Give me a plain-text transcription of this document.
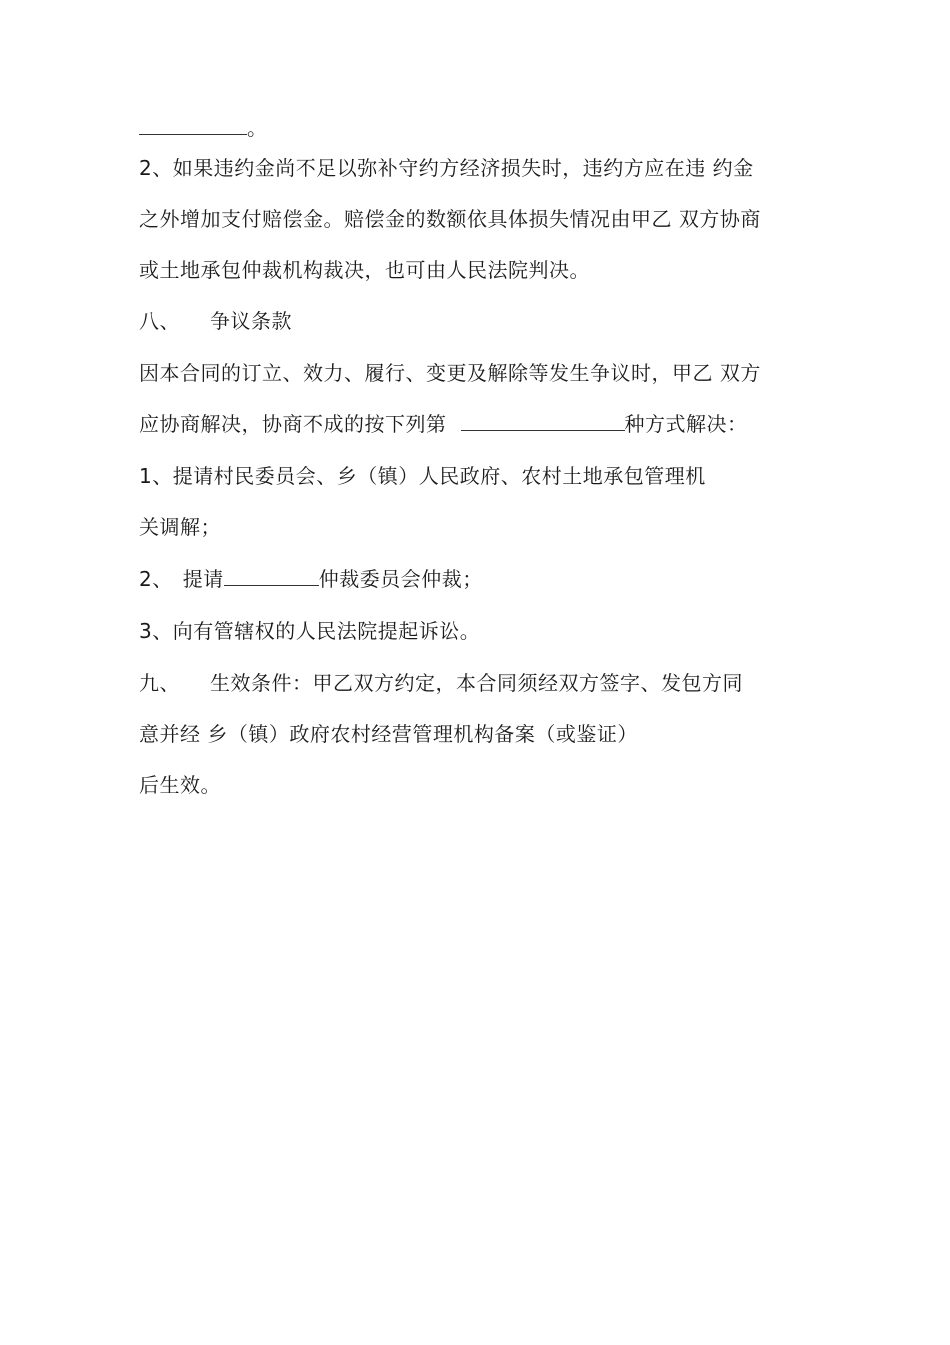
。
2、如果违约金尚不足以弥补守约方经济损失时，违约方应在违 约金
之外增加支付赔偿金。赔偿金的数额依具体损失情况由甲乙 双方协商
或土地承包仲裁机构裁决，也可由人民法院判决。
八、 争议条款
因本合同的订立、效力、履行、变更及解除等发生争议时，甲乙 双方
应协商解决，协商不成的按下列第	种方式解决：
1、提请村民委员会、乡（镇）人民政府、农村土地承包管理机
关调解；
2、 提请	仲裁委员会仲裁；
3、向有管辖权的人民法院提起诉讼。
九、 生效条件：甲乙双方约定，本合同须经双方签字、发包方同
意并经 乡（镇）政府农村经营管理机构备案（或鉴证）
后生效。
